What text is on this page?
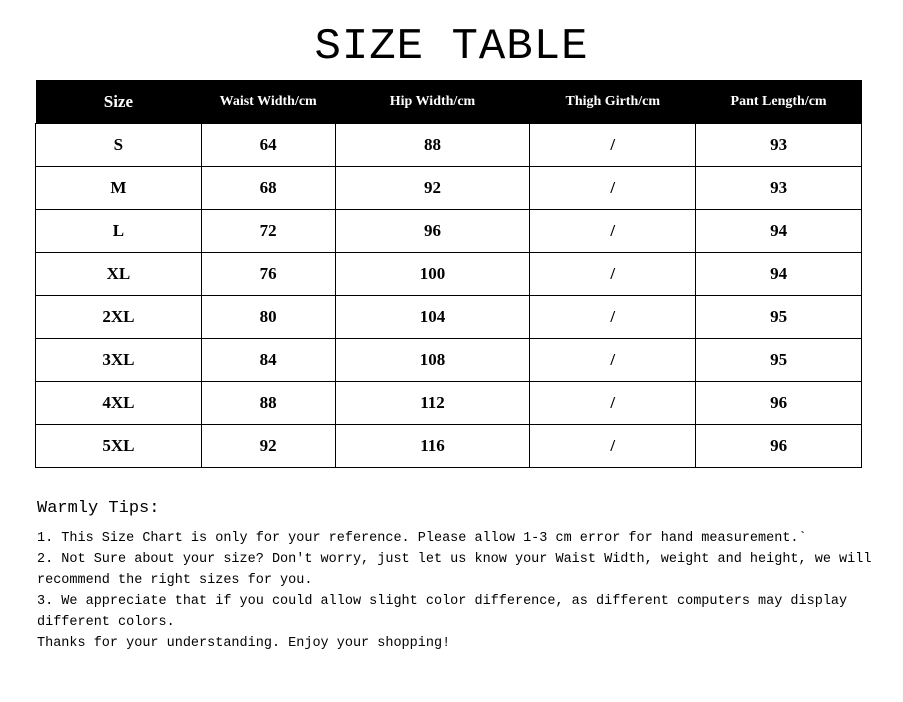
SIZE TABLE
Size	Waist Width/cm	Hip Width/cm	Thigh Girth/cm	Pant Length/cm
S	64	88	/	93
M	68	92	/	93
L	72	96	/	94
XL	76	100	/	94
2XL	80	104	/	95
3XL	84	108	/	95
4XL	88	112	/	96
5XL	92	116	/	96
Warmly Tips:

1. This Size Chart is only for your reference. Please allow 1-3 cm error for hand measurement.`

2. Not Sure about your size? Don't worry, just let us know your Waist Width, weight and height, we will recommend the right sizes for you.

3. We appreciate that if you could allow slight color difference, as different computers may display different colors.

Thanks for your understanding. Enjoy your shopping!
